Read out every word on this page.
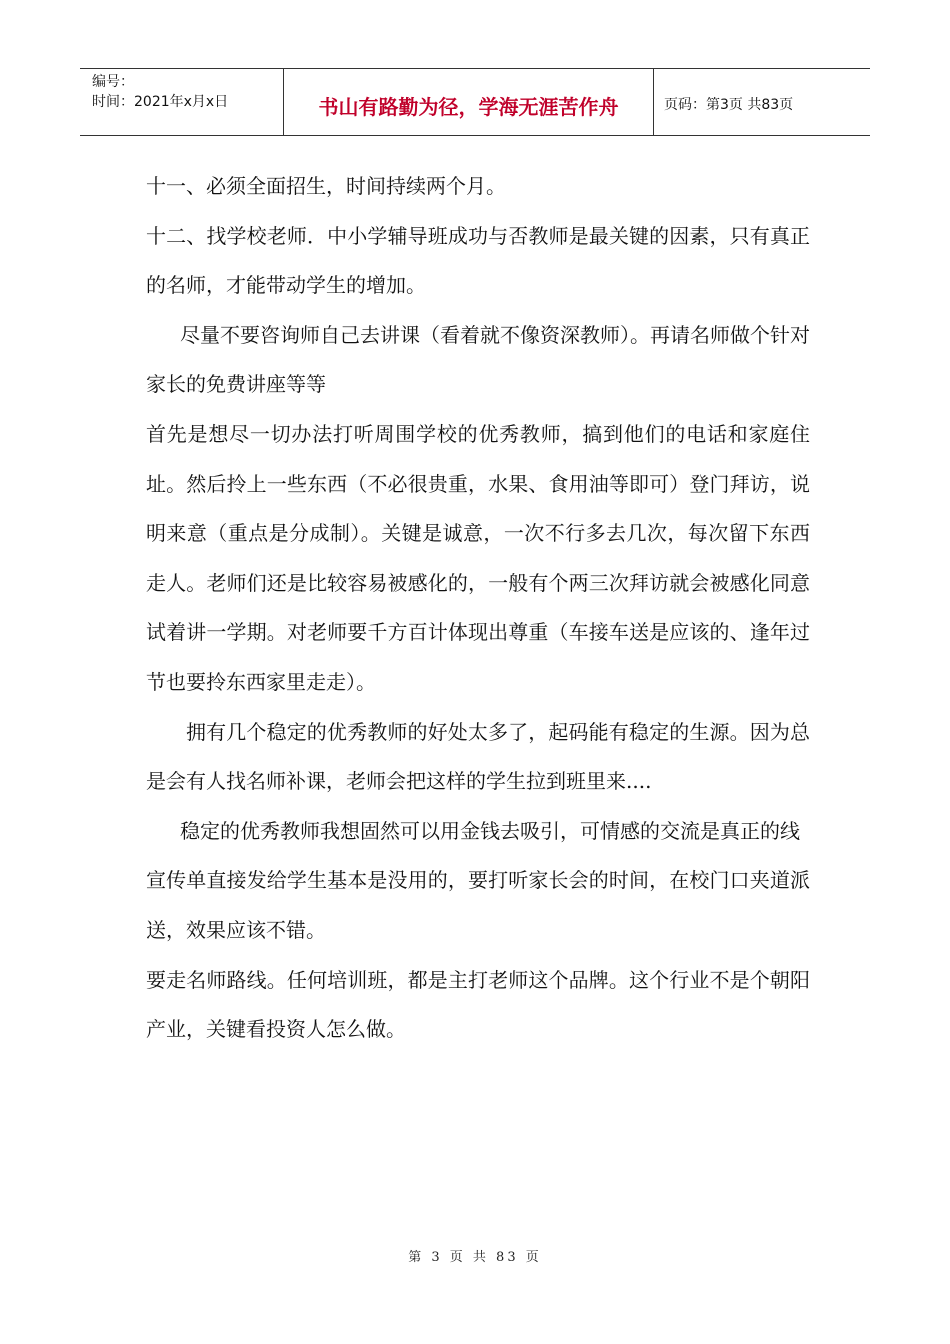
编号：
时间：2021年x月x日	书山有路勤为径，学海无涯苦作舟	页码：第3页 共83页

十一、必须全面招生，时间持续两个月。

十二、找学校老师．中小学辅导班成功与否教师是最关键的因素，只有真正的名师，才能带动学生的增加。

尽量不要咨询师自己去讲课（看着就不像资深教师）。再请名师做个针对家长的免费讲座等等

首先是想尽一切办法打听周围学校的优秀教师，搞到他们的电话和家庭住址。然后拎上一些东西（不必很贵重，水果、食用油等即可）登门拜访，说明来意（重点是分成制）。关键是诚意，一次不行多去几次，每次留下东西走人。老师们还是比较容易被感化的，一般有个两三次拜访就会被感化同意试着讲一学期。对老师要千方百计体现出尊重（车接车送是应该的、逢年过节也要拎东西家里走走）。

拥有几个稳定的优秀教师的好处太多了，起码能有稳定的生源。因为总是会有人找名师补课，老师会把这样的学生拉到班里来....

稳定的优秀教师我想固然可以用金钱去吸引，可情感的交流是真正的线

宣传单直接发给学生基本是没用的，要打听家长会的时间，在校门口夹道派送，效果应该不错。

要走名师路线。任何培训班，都是主打老师这个品牌。这个行业不是个朝阳产业，关键看投资人怎么做。

第 3 页 共 83 页
